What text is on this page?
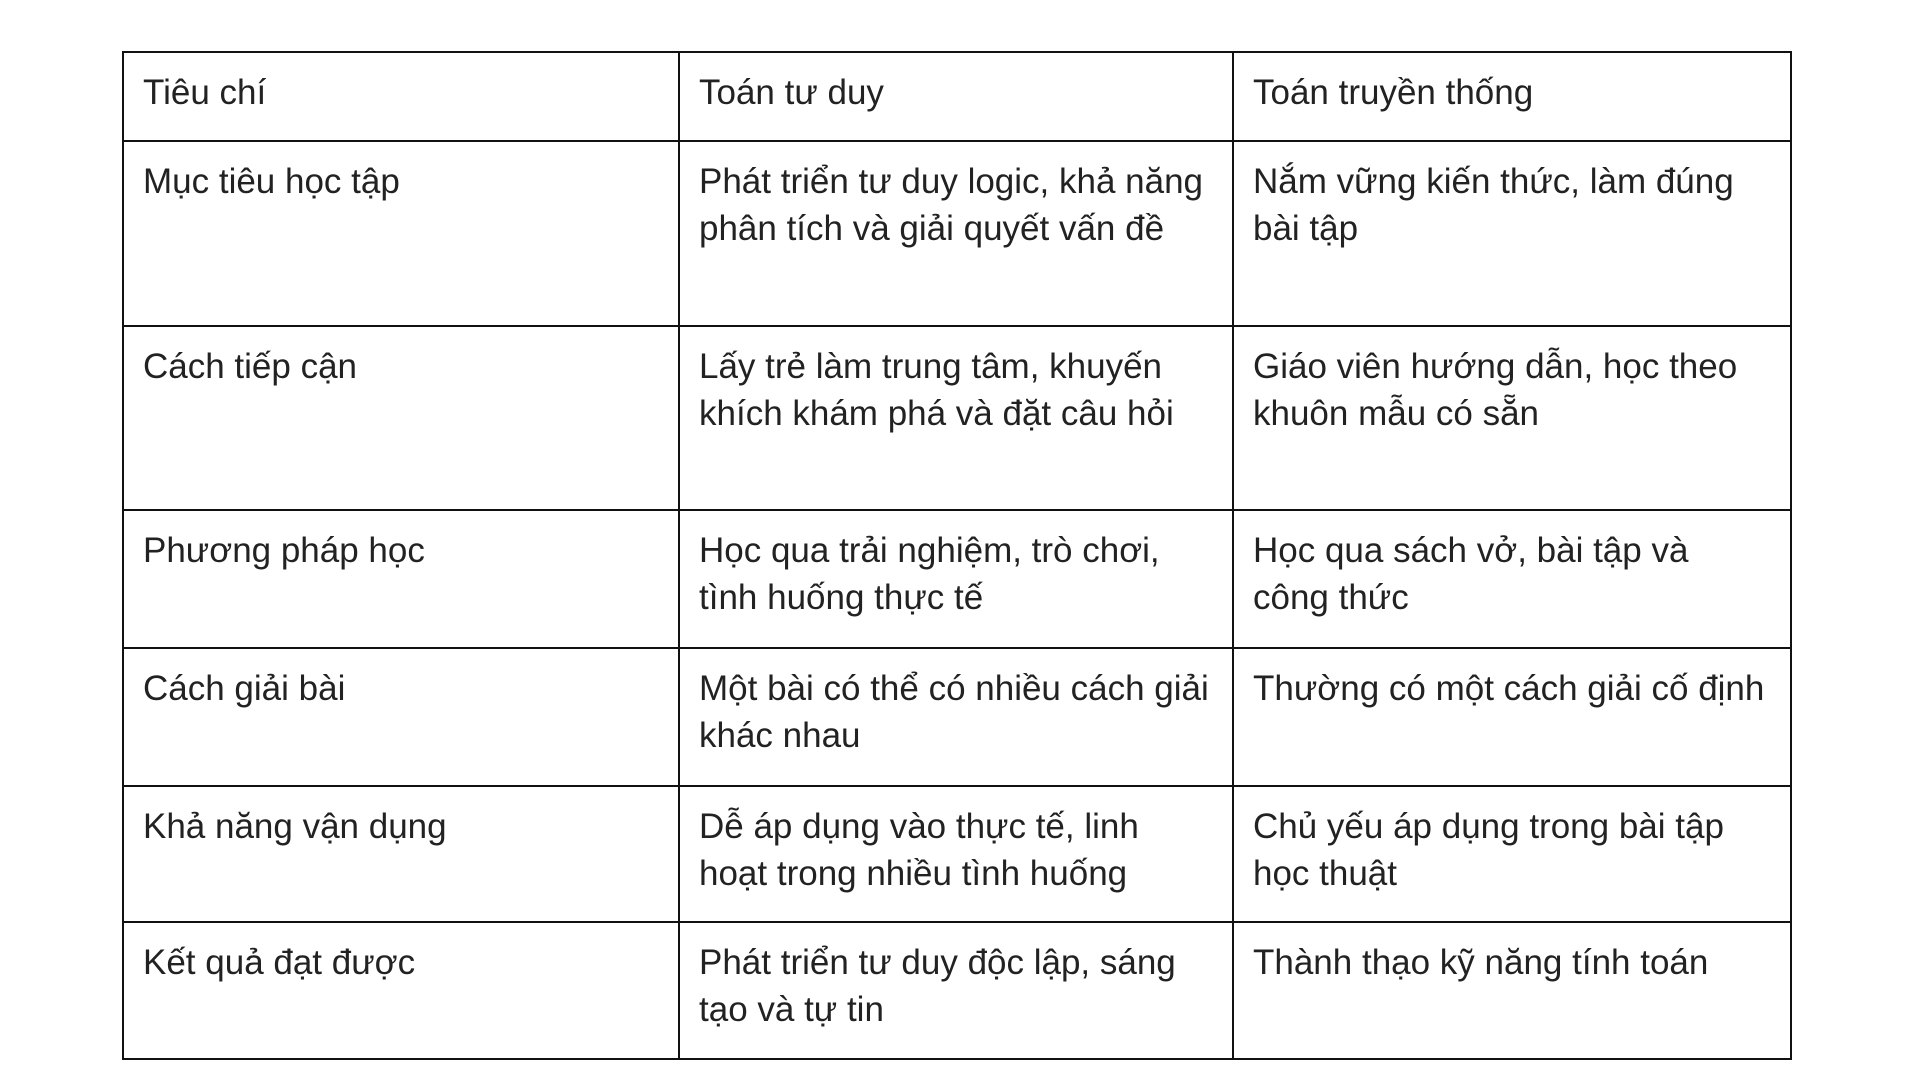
Tiêu chí	Toán tư duy	Toán truyền thống
Mục tiêu học tập	Phát triển tư duy logic, khả năng phân tích và giải quyết vấn đề	Nắm vững kiến thức, làm đúng bài tập
Cách tiếp cận	Lấy trẻ làm trung tâm, khuyến khích khám phá và đặt câu hỏi	Giáo viên hướng dẫn, học theo khuôn mẫu có sẵn
Phương pháp học	Học qua trải nghiệm, trò chơi, tình huống thực tế	Học qua sách vở, bài tập và công thức
Cách giải bài	Một bài có thể có nhiều cách giải khác nhau	Thường có một cách giải cố định
Khả năng vận dụng	Dễ áp dụng vào thực tế, linh hoạt trong nhiều tình huống	Chủ yếu áp dụng trong bài tập học thuật
Kết quả đạt được	Phát triển tư duy độc lập, sáng tạo và tự tin	Thành thạo kỹ năng tính toán
